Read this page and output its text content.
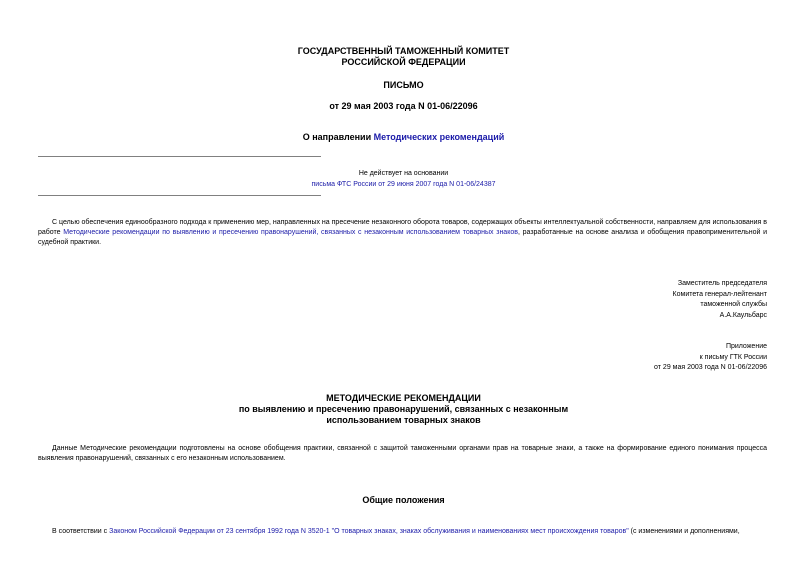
ГОСУДАРСТВЕННЫЙ ТАМОЖЕННЫЙ КОМИТЕТ
РОССИЙСКОЙ ФЕДЕРАЦИИ
ПИСЬМО
от 29 мая 2003 года N 01-06/22096
О направлении Методических рекомендаций
Не действует на основании
письма ФТС России от 29 июня 2007 года N 01-06/24387

С целью обеспечения единообразного подхода к применению мер, направленных на пресечение незаконного оборота товаров, содержащих объекты интеллектуальной собственности, направляем для использования в работе Методические рекомендации по выявлению и пресечению правонарушений, связанных с незаконным использованием товарных знаков, разработанные на основе анализа и обобщения правоприменительной и судебной практики.

Заместитель председателя
Комитета генерал-лейтенант
таможенной службы
А.А.Каульбарс
Приложение
к письму ГТК России
от 29 мая 2003 года N 01-06/22096
МЕТОДИЧЕСКИЕ РЕКОМЕНДАЦИИ
по выявлению и пресечению правонарушений, связанных с незаконным
использованием товарных знаков

Данные Методические рекомендации подготовлены на основе обобщения практики, связанной с защитой таможенными органами прав на товарные знаки, а также на формирование единого понимания процесса выявления правонарушений, связанных с его незаконным использованием.

Общие положения

В соответствии с Законом Российской Федерации от 23 сентября 1992 года N 3520-1 "О товарных знаках, знаках обслуживания и наименованиях мест происхождения товаров" (с изменениями и дополнениями,
